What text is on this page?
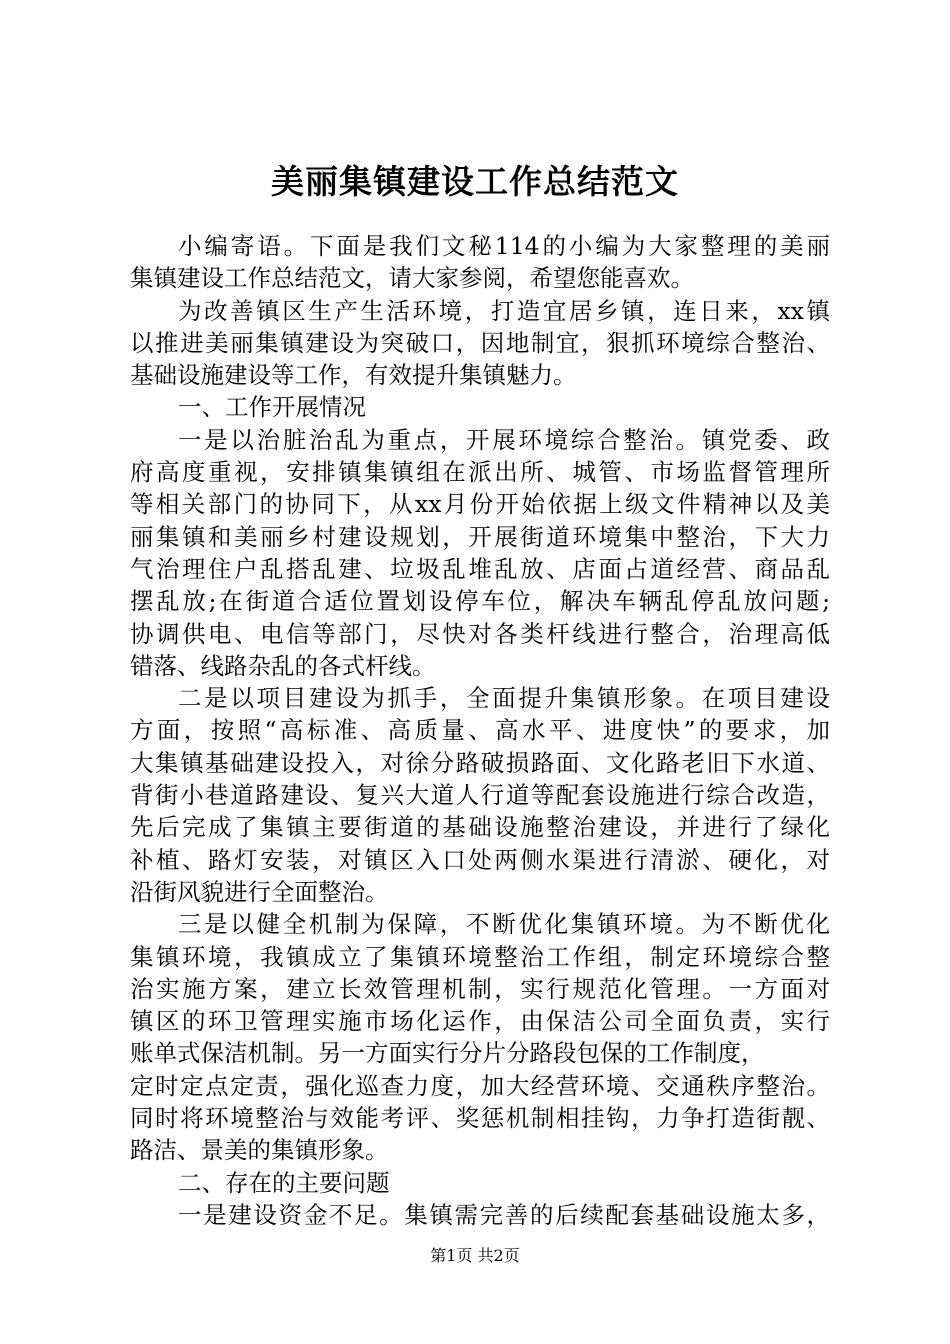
美丽集镇建设工作总结范文
小编寄语。下面是我们文秘114的小编为大家整理的美丽
集镇建设工作总结范文，请大家参阅，希望您能喜欢。
为改善镇区生产生活环境，打造宜居乡镇，连日来，xx镇
以推进美丽集镇建设为突破口，因地制宜，狠抓环境综合整治、
基础设施建设等工作，有效提升集镇魅力。
一、工作开展情况
一是以治脏治乱为重点，开展环境综合整治。镇党委、政
府高度重视，安排镇集镇组在派出所、城管、市场监督管理所
等相关部门的协同下，从xx月份开始依据上级文件精神以及美
丽集镇和美丽乡村建设规划，开展街道环境集中整治，下大力
气治理住户乱搭乱建、垃圾乱堆乱放、店面占道经营、商品乱
摆乱放;在街道合适位置划设停车位，解决车辆乱停乱放问题;
协调供电、电信等部门，尽快对各类杆线进行整合，治理高低
错落、线路杂乱的各式杆线。
二是以项目建设为抓手，全面提升集镇形象。在项目建设
方面，按照“高标准、高质量、高水平、进度快”的要求，加
大集镇基础建设投入，对徐分路破损路面、文化路老旧下水道、
背街小巷道路建设、复兴大道人行道等配套设施进行综合改造，
先后完成了集镇主要街道的基础设施整治建设，并进行了绿化
补植、路灯安装，对镇区入口处两侧水渠进行清淤、硬化，对
沿街风貌进行全面整治。
三是以健全机制为保障，不断优化集镇环境。为不断优化
集镇环境，我镇成立了集镇环境整治工作组，制定环境综合整
治实施方案，建立长效管理机制，实行规范化管理。一方面对
镇区的环卫管理实施市场化运作，由保洁公司全面负责，实行
账单式保洁机制。另一方面实行分片分路段包保的工作制度，
定时定点定责，强化巡查力度，加大经营环境、交通秩序整治。
同时将环境整治与效能考评、奖惩机制相挂钩，力争打造街靓、
路洁、景美的集镇形象。
二、存在的主要问题
一是建设资金不足。集镇需完善的后续配套基础设施太多，
第1页 共2页
